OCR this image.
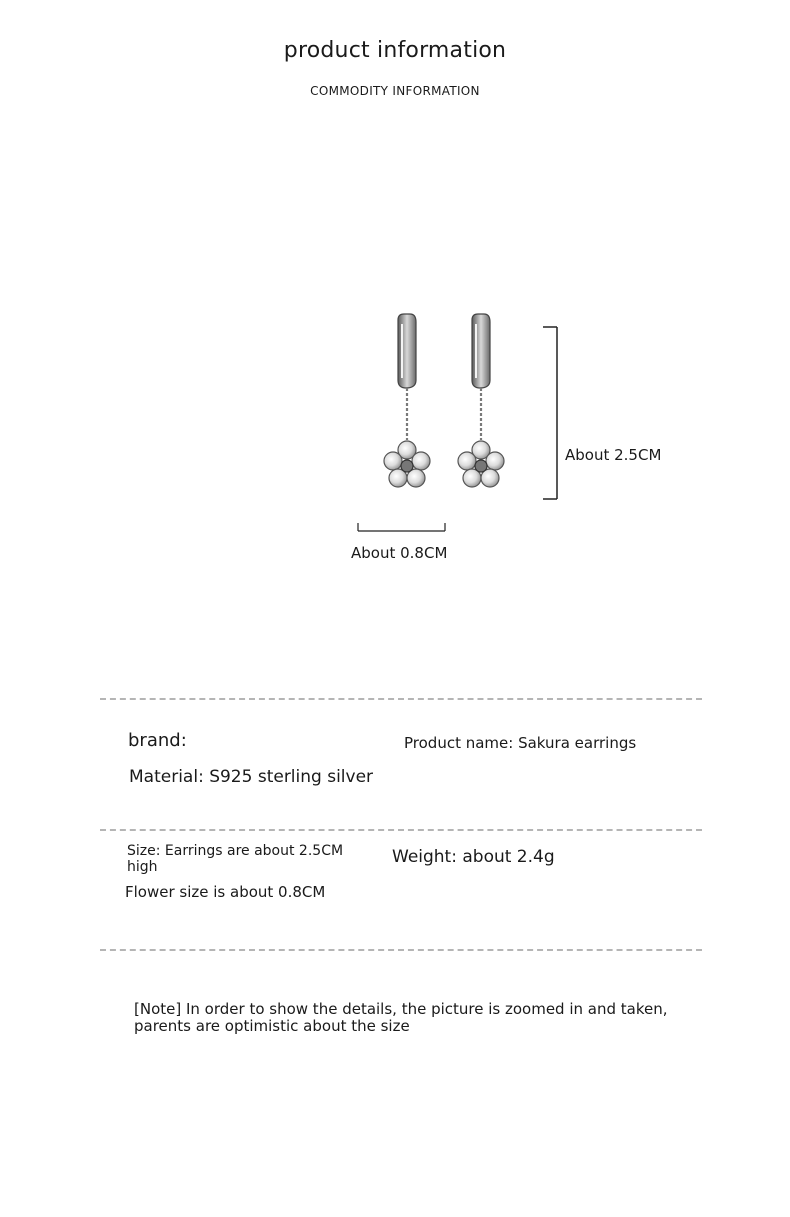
product information
COMMODITY INFORMATION
About 2.5CM
About 0.8CM
brand:	Product name: Sakura earrings
Material: S925 sterling silver
Size: Earrings are about 2.5CM high	Weight: about 2.4g
Flower size is about 0.8CM
[Note] In order to show the details, the picture is zoomed in and taken, parents are optimistic about the size
